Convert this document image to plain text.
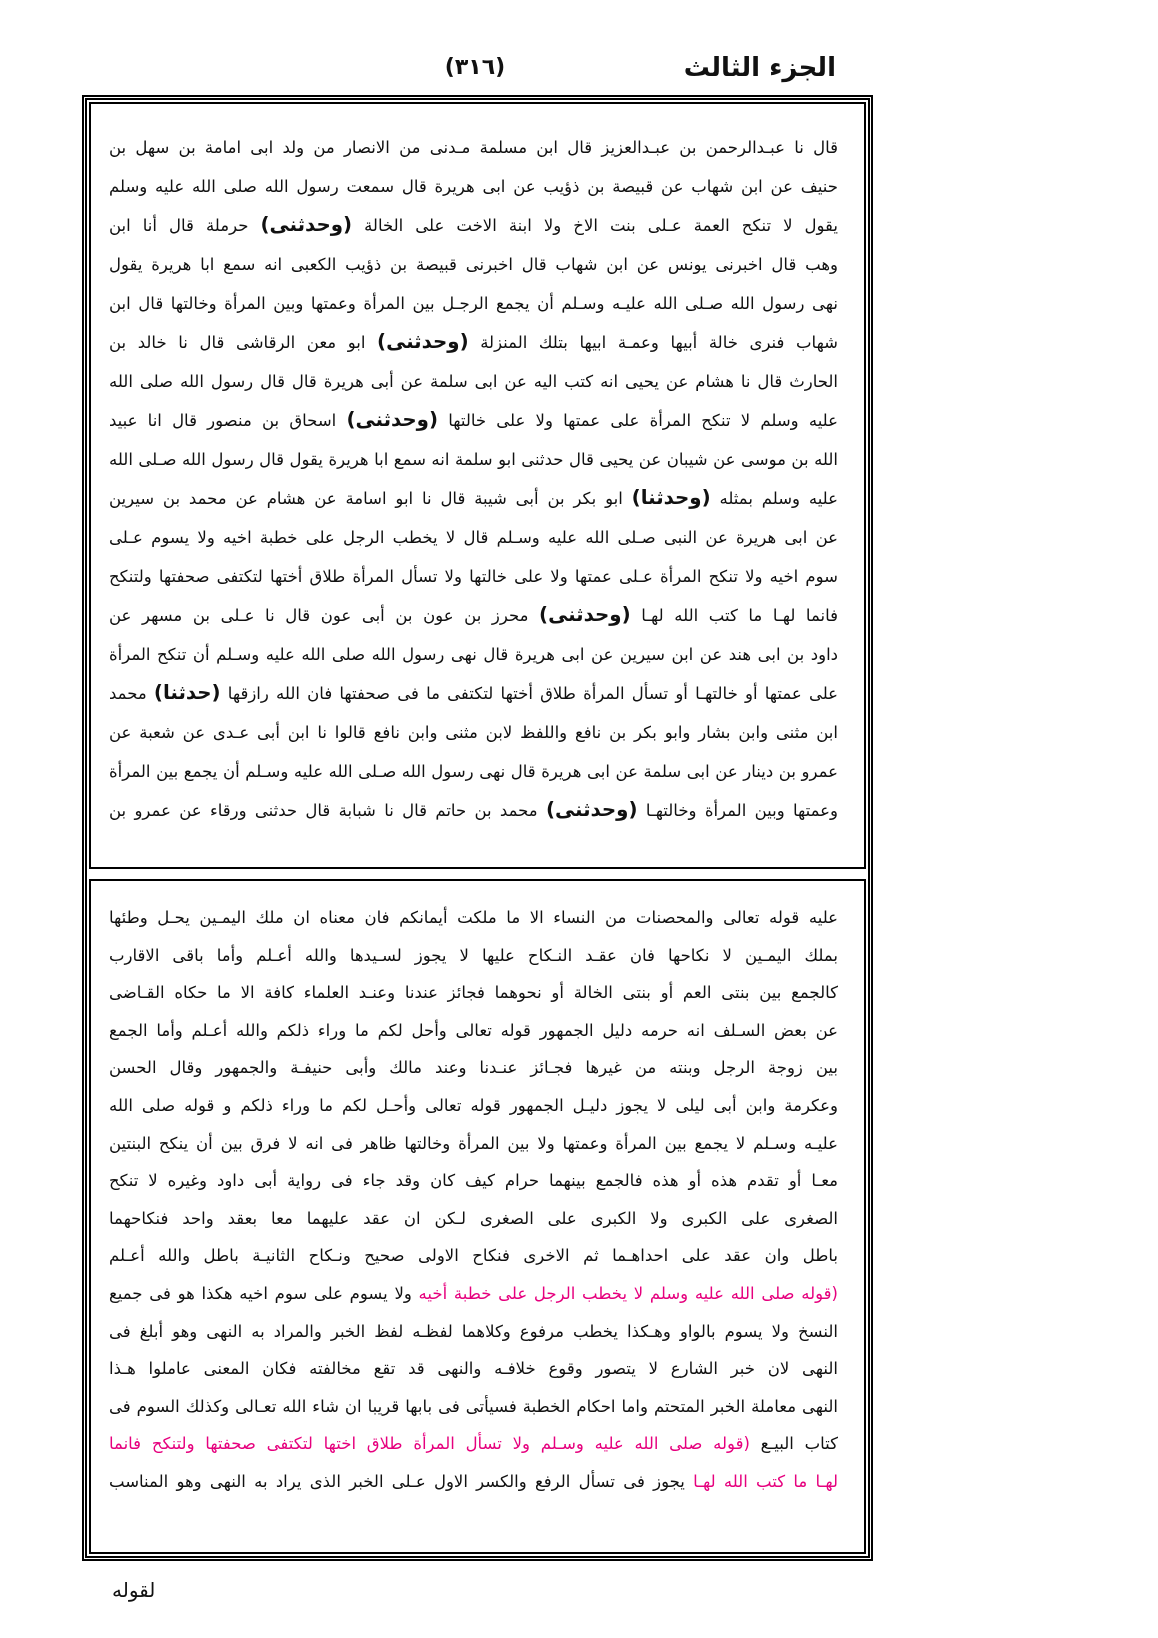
الجزء الثالث
(٣١٦)
قال نا عبـدالرحمن بن عبـدالعزيز قال ابن مسلمة مـدنى من الانصار من ولد ابى امامة بن سهل بن
حنيف عن ابن شهاب عن قبيصة بن ذؤيب عن ابى هريرة قال سمعت رسول الله صلى الله عليه وسلم
يقول لا تنكح العمة عـلى بنت الاخ ولا ابنة الاخت على الخالة (وحدثنى) حرملة قال أنا ابن
وهب قال اخبرنى يونس عن ابن شهاب قال اخبرنى قبيصة بن ذؤيب الكعبى انه سمع ابا هريرة يقول
نهى رسول الله صـلى الله عليـه وسـلم أن يجمع الرجـل بين المرأة وعمتها وبين المرأة وخالتها قال ابن
شهاب فنرى خالة أبيها وعمـة ابيها بتلك المنزلة (وحدثنى) ابو معن الرقاشى قال نا خالد بن
الحارث قال نا هشام عن يحيى انه كتب اليه عن ابى سلمة عن أبى هريرة قال قال رسول الله صلى الله
عليه وسلم لا تنكح المرأة على عمتها ولا على خالتها (وحدثنى) اسحاق بن منصور قال انا عبيد
الله بن موسى عن شيبان عن يحيى قال حدثنى ابو سلمة انه سمع ابا هريرة يقول قال رسول الله صـلى الله
عليه وسلم بمثله (وحدثنا) ابو بكر بن أبى شيبة قال نا ابو اسامة عن هشام عن محمد بن سيرين
عن ابى هريرة عن النبى صـلى الله عليه وسـلم قال لا يخطب الرجل على خطبة اخيه ولا يسوم عـلى
سوم اخيه ولا تنكح المرأة عـلى عمتها ولا على خالتها ولا تسأل المرأة طلاق أختها لتكتفى صحفتها ولتنكح
فانما لهـا ما كتب الله لهـا (وحدثنى) محرز بن عون بن أبى عون قال نا عـلى بن مسهر عن
داود بن ابى هند عن ابن سيرين عن ابى هريرة قال نهى رسول الله صلى الله عليه وسـلم أن تنكح المرأة
على عمتها أو خالتهـا أو تسأل المرأة طلاق أختها لتكتفى ما فى صحفتها فان الله رازقها (حدثنا) محمد
ابن مثنى وابن بشار وابو بكر بن نافع واللفظ لابن مثنى وابن نافع قالوا نا ابن أبى عـدى عن شعبة عن
عمرو بن دينار عن ابى سلمة عن ابى هريرة قال نهى رسول الله صـلى الله عليه وسـلم أن يجمع بين المرأة
وعمتها وبين المرأة وخالتهـا (وحدثنى) محمد بن حاتم قال نا شبابة قال حدثنى ورقاء عن عمرو بن
عليه قوله تعالى والمحصنات من النساء الا ما ملكت أيمانكم فان معناه ان ملك اليمـين يحـل وطئها
بملك اليمـين لا نكاحها فان عقـد النـكاح عليها لا يجوز لسـيدها والله أعـلم وأما باقى الاقارب
كالجمع بين بنتى العم أو بنتى الخالة أو نحوهما فجائز عندنا وعنـد العلماء كافة الا ما حكاه القـاضى
عن بعض السـلف انه حرمه دليل الجمهور قوله تعالى وأحل لكم ما وراء ذلكم والله أعـلم وأما الجمع
بين زوجة الرجل وبنته من غيرها فجـائز عنـدنا وعند مالك وأبى حنيفـة والجمهور وقال الحسن
وعكرمة وابن أبى ليلى لا يجوز دليـل الجمهور قوله تعالى وأحـل لكم ما وراء ذلكم و قوله صلى الله
عليـه وسـلم لا يجمع بين المرأة وعمتها ولا بين المرأة وخالتها ظاهر فى انه لا فرق بين أن ينكح البنتين
معـا أو تقدم هذه أو هذه فالجمع بينهما حرام كيف كان وقد جاء فى رواية أبى داود وغيره لا تنكح
الصغرى على الكبرى ولا الكبرى على الصغرى لـكن ان عقد عليهما معا بعقد واحد فنكاحهما
باطل وان عقد على احداهـما ثم الاخرى فنكاح الاولى صحيح ونـكاح الثانيـة باطل والله أعـلم
(قوله صلى الله عليه وسلم لا يخطب الرجل على خطبة أخيه ولا يسوم على سوم اخيه هكذا هو فى جميع
النسخ ولا يسوم بالواو وهـكذا يخطب مرفوع وكلاهما لفظـه لفظ الخبر والمراد به النهى وهو أبلغ فى
النهى لان خبر الشارع لا يتصور وقوع خلافـه والنهى قد تقع مخالفته فكان المعنى عاملوا هـذا
النهى معاملة الخبر المتحتم واما احكام الخطبة فسيأتى فى بابها قريبا ان شاء الله تعـالى وكذلك السوم فى
كتاب البيـع (قوله صلى الله عليه وسـلم ولا تسأل المرأة طلاق اختها لتكتفى صحفتها ولتنكح فانما
لهـا ما كتب الله لهـا يجوز فى تسأل الرفع والكسر الاول عـلى الخبر الذى يراد به النهى وهو المناسب
لقوله
